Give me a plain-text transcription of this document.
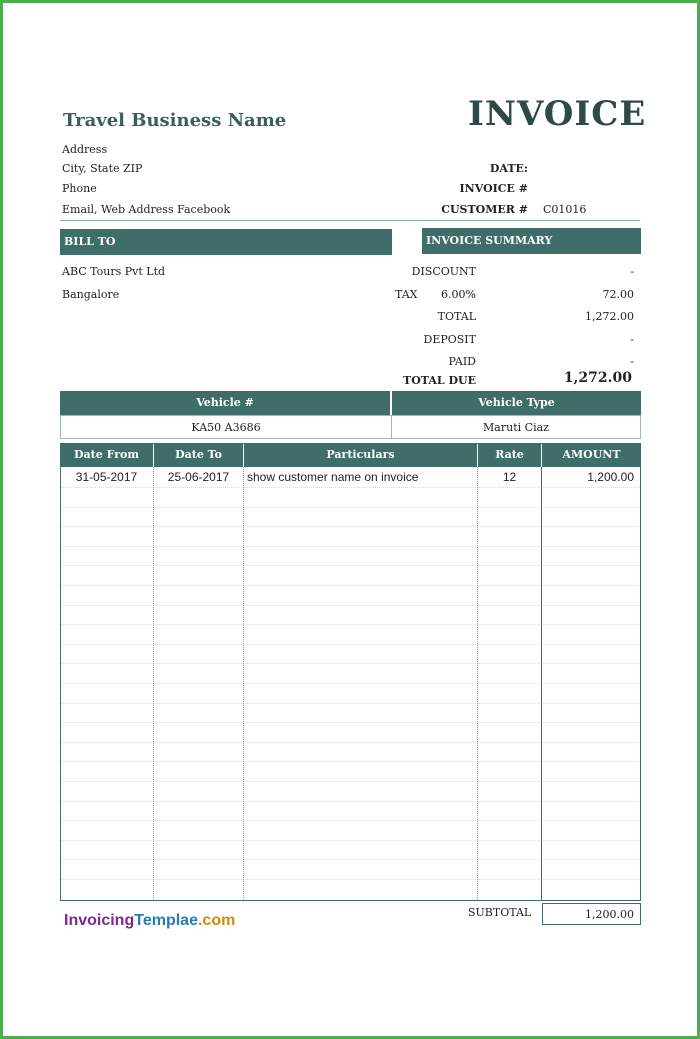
Travel Business Name	INVOICE
Address
City, State ZIP
Phone
Email, Web Address Facebook
DATE:
INVOICE #
CUSTOMER # C01016
BILL TO
ABC Tours Pvt Ltd
Bangalore
INVOICE SUMMARY
DISCOUNT	-
TAX	6.00%	72.00
TOTAL	1,272.00
DEPOSIT	-
PAID	-
TOTAL DUE	1,272.00
Vehicle #	Vehicle Type
KA50 A3686	Maruti Ciaz
Date From	Date To	Particulars	Rate	AMOUNT
31-05-2017	25-06-2017	show customer name on invoice	12	1,200.00
SUBTOTAL	1,200.00
InvoicingTemplae.com
